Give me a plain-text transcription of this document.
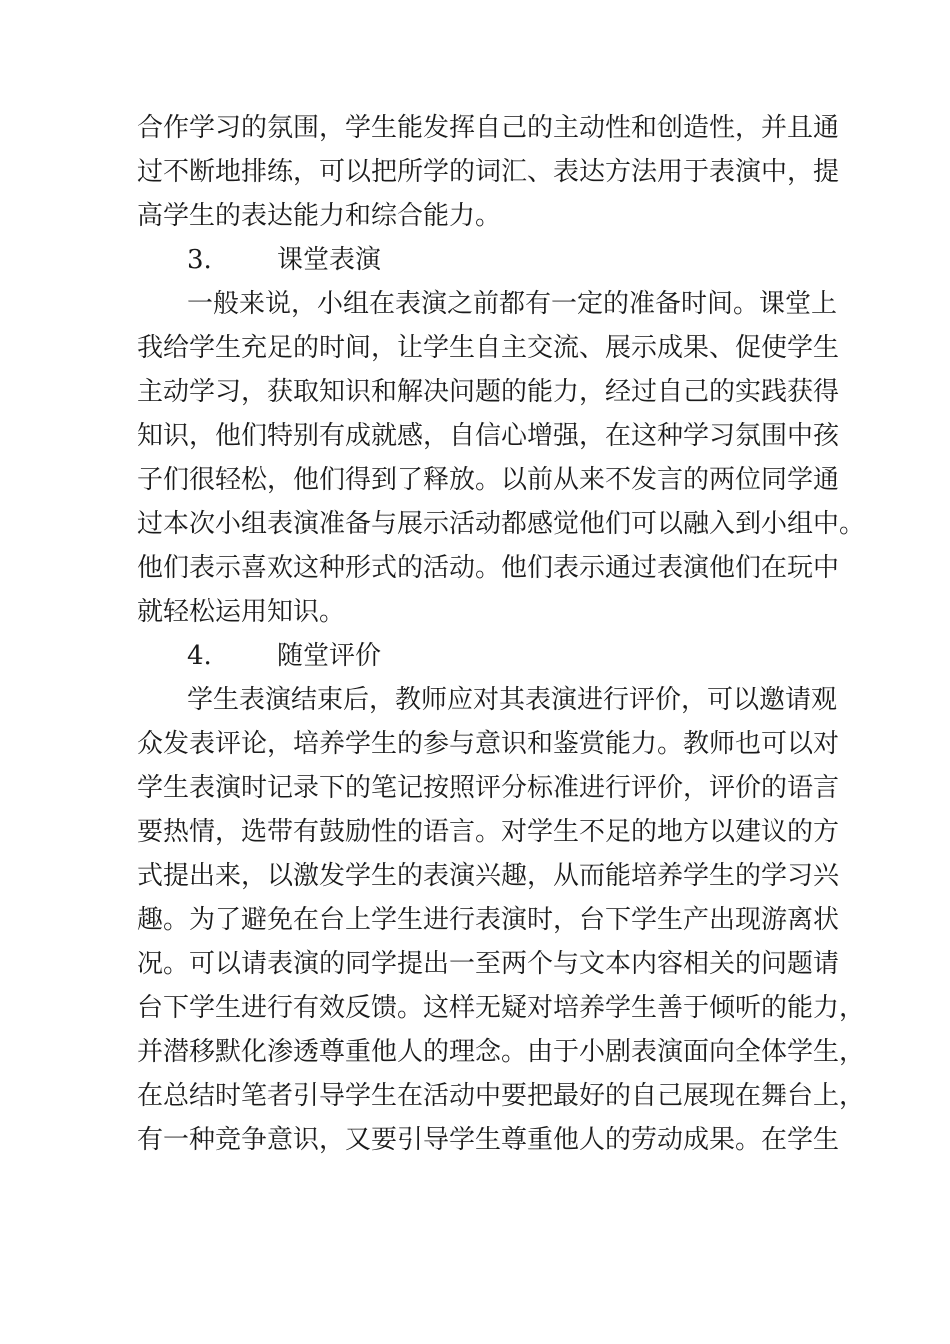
合作学习的氛围，学生能发挥自己的主动性和创造性，并且通

过不断地排练，可以把所学的词汇、表达方法用于表演中，提

高学生的表达能力和综合能力。

3.	课堂表演

一般来说，小组在表演之前都有一定的准备时间。课堂上

我给学生充足的时间，让学生自主交流、展示成果、促使学生

主动学习，获取知识和解决问题的能力，经过自己的实践获得

知识，他们特别有成就感，自信心增强，在这种学习氛围中孩

子们很轻松，他们得到了释放。以前从来不发言的两位同学通

过本次小组表演准备与展示活动都感觉他们可以融入到小组中。

他们表示喜欢这种形式的活动。他们表示通过表演他们在玩中

就轻松运用知识。

4.	随堂评价

学生表演结束后，教师应对其表演进行评价，可以邀请观

众发表评论，培养学生的参与意识和鉴赏能力。教师也可以对

学生表演时记录下的笔记按照评分标准进行评价，评价的语言

要热情，选带有鼓励性的语言。对学生不足的地方以建议的方

式提出来，以激发学生的表演兴趣，从而能培养学生的学习兴

趣。为了避免在台上学生进行表演时，台下学生产出现游离状

况。可以请表演的同学提出一至两个与文本内容相关的问题请

台下学生进行有效反馈。这样无疑对培养学生善于倾听的能力，

并潜移默化渗透尊重他人的理念。由于小剧表演面向全体学生，

在总结时笔者引导学生在活动中要把最好的自己展现在舞台上，

有一种竞争意识，又要引导学生尊重他人的劳动成果。在学生
